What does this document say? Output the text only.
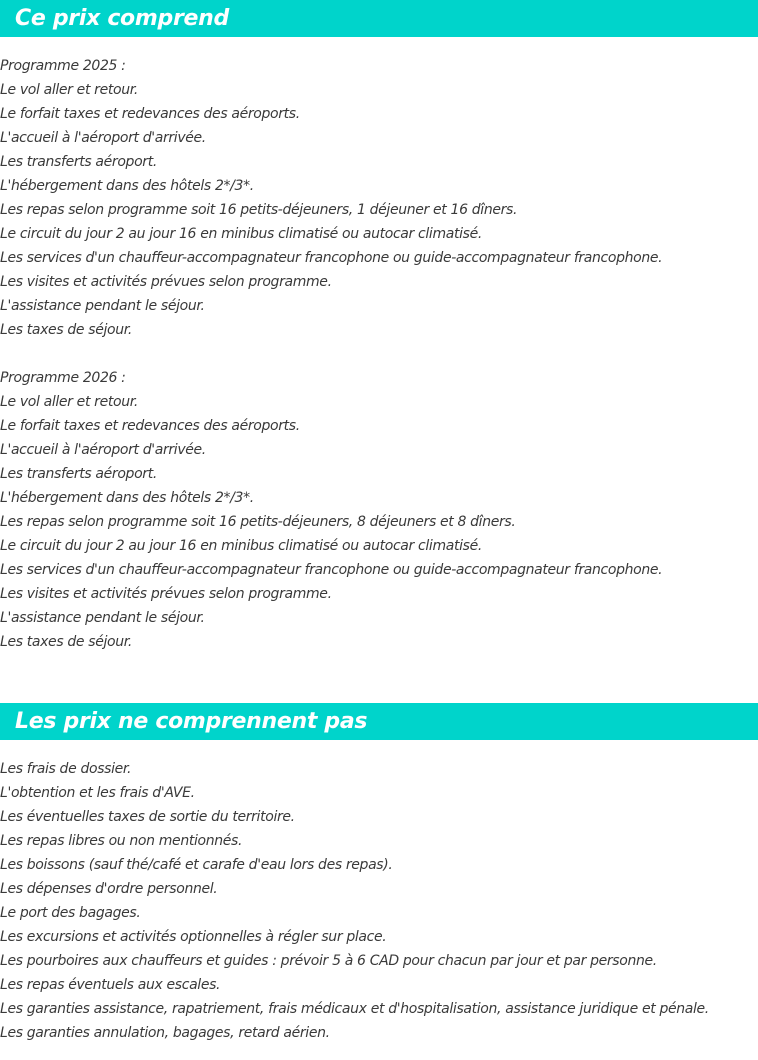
Ce prix comprend
Programme 2025 :
Le vol aller et retour.
Le forfait taxes et redevances des aéroports.
L'accueil à l'aéroport d'arrivée.
Les transferts aéroport.
L'hébergement dans des hôtels 2*/3*.
Les repas selon programme soit 16 petits-déjeuners, 1 déjeuner et 16 dîners.
Le circuit du jour 2 au jour 16 en minibus climatisé ou autocar climatisé.
Les services d'un chauffeur-accompagnateur francophone ou guide-accompagnateur francophone.
Les visites et activités prévues selon programme.
L'assistance pendant le séjour.
Les taxes de séjour.
Programme 2026 :
Le vol aller et retour.
Le forfait taxes et redevances des aéroports.
L'accueil à l'aéroport d'arrivée.
Les transferts aéroport.
L'hébergement dans des hôtels 2*/3*.
Les repas selon programme soit 16 petits-déjeuners, 8 déjeuners et 8 dîners.
Le circuit du jour 2 au jour 16 en minibus climatisé ou autocar climatisé.
Les services d'un chauffeur-accompagnateur francophone ou guide-accompagnateur francophone.
Les visites et activités prévues selon programme.
L'assistance pendant le séjour.
Les taxes de séjour.
Les prix ne comprennent pas
Les frais de dossier.
L'obtention et les frais d'AVE.
Les éventuelles taxes de sortie du territoire.
Les repas libres ou non mentionnés.
Les boissons (sauf thé/café et carafe d'eau lors des repas).
Les dépenses d'ordre personnel.
Le port des bagages.
Les excursions et activités optionnelles à régler sur place.
Les pourboires aux chauffeurs et guides : prévoir 5 à 6 CAD pour chacun par jour et par personne.
Les repas éventuels aux escales.
Les garanties assistance, rapatriement, frais médicaux et d'hospitalisation, assistance juridique et pénale.
Les garanties annulation, bagages, retard aérien.
